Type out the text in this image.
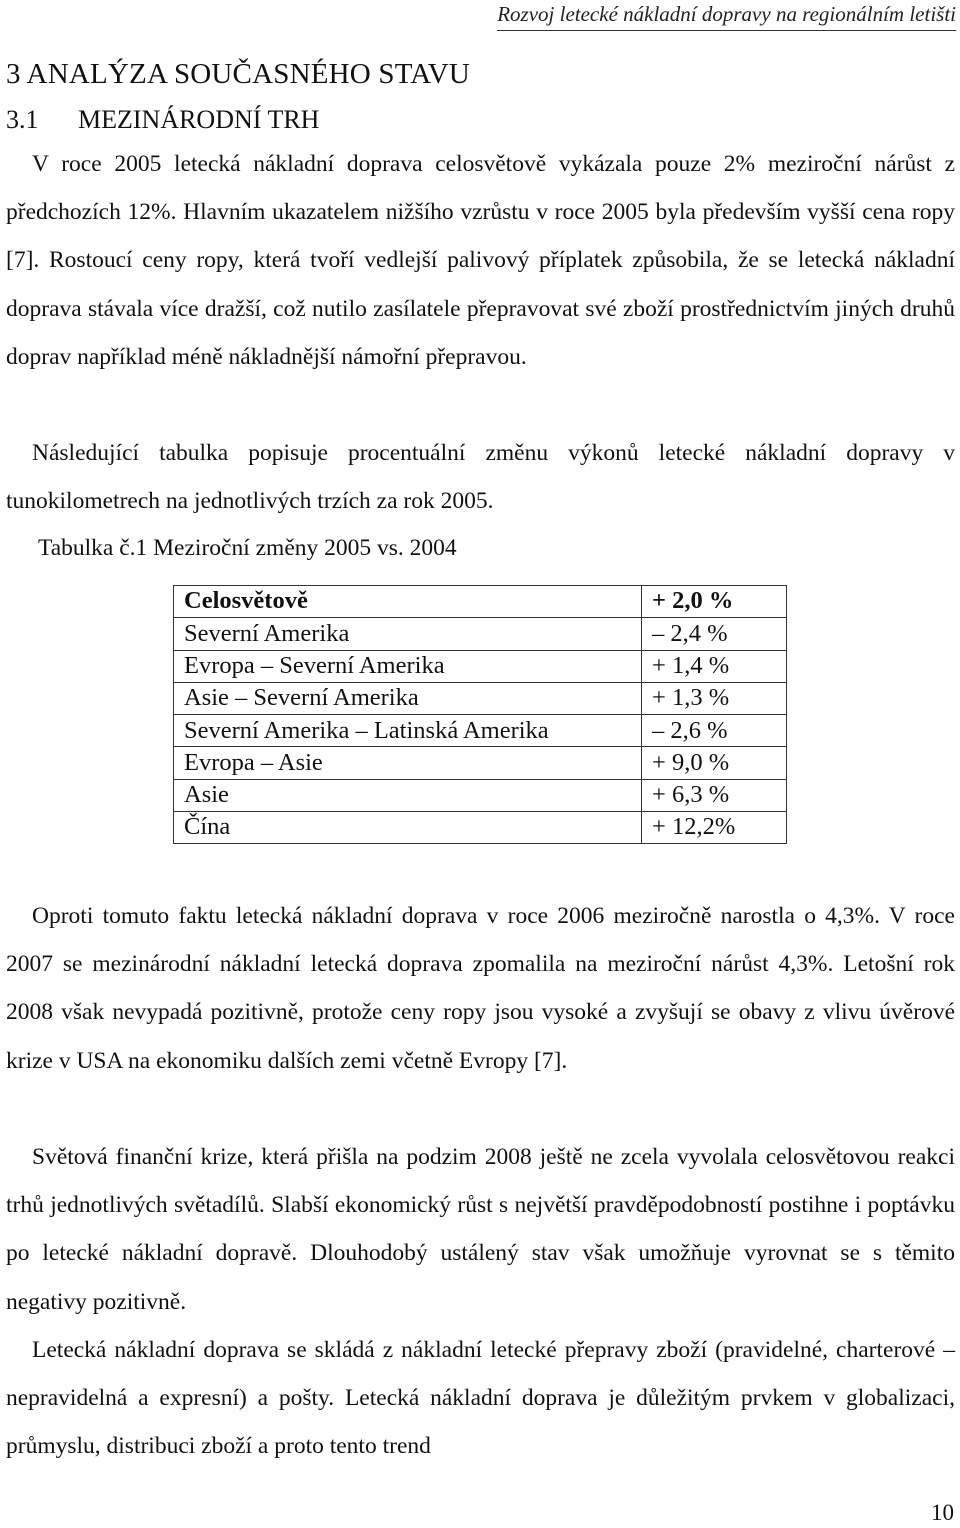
Rozvoj letecké nákladní dopravy na regionálním letišti
3 ANALÝZA SOUČASNÉHO STAVU
3.1 MEZINÁRODNÍ TRH

V roce 2005 letecká nákladní doprava celosvětově vykázala pouze 2% meziroční nárůst z předchozích 12%. Hlavním ukazatelem nižšího vzrůstu v roce 2005 byla především vyšší cena ropy [7]. Rostoucí ceny ropy, která tvoří vedlejší palivový příplatek způsobila, že se letecká nákladní doprava stávala více dražší, což nutilo zasílatele přepravovat své zboží prostřednictvím jiných druhů doprav například méně nákladnější námořní přepravou.

Následující tabulka popisuje procentuální změnu výkonů letecké nákladní dopravy v tunokilometrech na jednotlivých trzích za rok 2005.

Tabulka č.1 Meziroční změny 2005 vs. 2004
Celosvětově	+ 2,0 %
Severní Amerika	– 2,4 %
Evropa – Severní Amerika	+ 1,4 %
Asie – Severní Amerika	+ 1,3 %
Severní Amerika – Latinská Amerika	– 2,6 %
Evropa – Asie	+ 9,0 %
Asie	+ 6,3 %
Čína	+ 12,2%

Oproti tomuto faktu letecká nákladní doprava v roce 2006 meziročně narostla o 4,3%. V roce 2007 se mezinárodní nákladní letecká doprava zpomalila na meziroční nárůst 4,3%. Letošní rok 2008 však nevypadá pozitivně, protože ceny ropy jsou vysoké a zvyšují se obavy z vlivu úvěrové krize v USA na ekonomiku dalších zemi včetně Evropy [7].

Světová finanční krize, která přišla na podzim 2008 ještě ne zcela vyvolala celosvětovou reakci trhů jednotlivých světadílů. Slabší ekonomický růst s největší pravděpodobností postihne i poptávku po letecké nákladní dopravě. Dlouhodobý ustálený stav však umožňuje vyrovnat se s těmito negativy pozitivně.

Letecká nákladní doprava se skládá z nákladní letecké přepravy zboží (pravidelné, charterové – nepravidelná a expresní) a pošty. Letecká nákladní doprava je důležitým prvkem v globalizaci, průmyslu, distribuci zboží a proto tento trend

10
